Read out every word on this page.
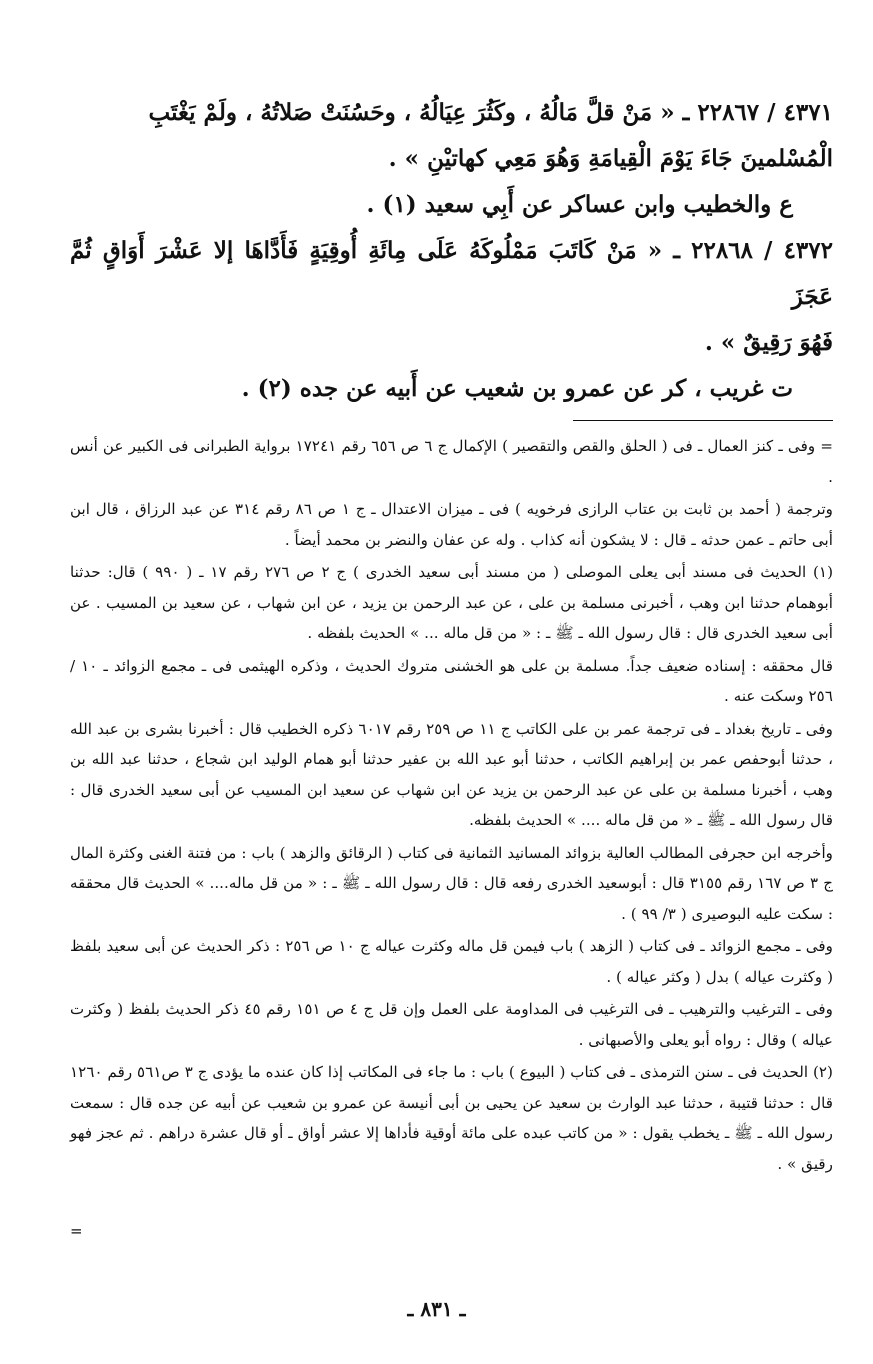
٤٣٧١ / ٢٢٨٦٧ ـ « مَنْ قلَّ مَالُهُ ، وكَثُرَ عِيَالُهُ ، وحَسُنَتْ صَلاتُهُ ، ولَمْ يَغْتَبِ

الْمُسْلمينَ جَاءَ يَوْمَ الْقِيامَةِ وَهُوَ مَعِي كهاتيْنِ » .

ع والخطيب وابن عساكر عن أَبِي سعيد (١) .

٤٣٧٢ / ٢٢٨٦٨ ـ « مَنْ كَاتَبَ مَمْلُوكَهُ عَلَى مِائَةِ أُوقِيَةٍ فَأَدَّاهَا إلا عَشْرَ أَوَاقٍ ثُمَّ عَجَزَ

فَهُوَ رَقِيقٌ » .

ت غريب ، كر عن عمرو بن شعيب عن أَبيه عن جده (٢) .

= وفى ـ كنز العمال ـ فى ( الحلق والقص والتقصير ) الإكمال ج ٦ ص ٦٥٦ رقم ١٧٢٤١ برواية الطبرانى فى الكبير عن أنس .

وترجمة ( أحمد بن ثابت بن عتاب الرازى فرخويه ) فى ـ ميزان الاعتدال ـ ج ١ ص ٨٦ رقم ٣١٤ عن عبد الرزاق ، قال ابن أبى حاتم ـ عمن حدثه ـ قال : لا يشكون أنه كذاب . وله عن عفان والنضر بن محمد أيضاً .

(١) الحديث فى مسند أبى يعلى الموصلى ( من مسند أبى سعيد الخدرى ) ج ٢ ص ٢٧٦ رقم ١٧ ـ ( ٩٩٠ ) قال: حدثنا أبوهمام حدثنا ابن وهب ، أخبرنى مسلمة بن على ، عن عبد الرحمن بن يزيد ، عن ابن شهاب ، عن سعيد بن المسيب . عن أبى سعيد الخدرى قال : قال رسول الله ـ ﷺ ـ : « من قل ماله ... » الحديث بلفظه .

قال محققه : إسناده ضعيف جداً. مسلمة بن على هو الخشنى متروك الحديث ، وذكره الهيثمى فى ـ مجمع الزوائد ـ ١٠ / ٢٥٦ وسكت عنه .

وفى ـ تاريخ بغداد ـ فى ترجمة عمر بن على الكاتب ج ١١ ص ٢٥٩ رقم ٦٠١٧ ذكره الخطيب قال : أخبرنا بشرى بن عبد الله ، حدثنا أبوحفص عمر بن إبراهيم الكاتب ، حدثنا أبو عبد الله بن عفير حدثنا أبو همام الوليد ابن شجاع ، حدثنا عبد الله بن وهب ، أخبرنا مسلمة بن على عن عبد الرحمن بن يزيد عن ابن شهاب عن سعيد ابن المسيب عن أبى سعيد الخدرى قال : قال رسول الله ـ ﷺ ـ « من قل ماله .... » الحديث بلفظه.

وأخرجه ابن حجرفى المطالب العالية بزوائد المسانيد الثمانية فى كتاب ( الرقائق والزهد ) باب : من فتنة الغنى وكثرة المال ج ٣ ص ١٦٧ رقم ٣١٥٥ قال : أبوسعيد الخدرى رفعه قال : قال رسول الله ـ ﷺ ـ : « من قل ماله.... » الحديث قال محققه : سكت عليه البوصيرى ( ٣/ ٩٩ ) .

وفى ـ مجمع الزوائد ـ فى كتاب ( الزهد ) باب فيمن قل ماله وكثرت عياله ج ١٠ ص ٢٥٦ : ذكر الحديث عن أبى سعيد بلفظ ( وكثرت عياله ) بدل ( وكثر عياله ) .

وفى ـ الترغيب والترهيب ـ فى الترغيب فى المداومة على العمل وإن قل ج ٤ ص ١٥١ رقم ٤٥ ذكر الحديث بلفظ ( وكثرت عياله ) وقال : رواه أبو يعلى والأصبهانى .

(٢) الحديث فى ـ سنن الترمذى ـ فى كتاب ( البيوع ) باب : ما جاء فى المكاتب إذا كان عنده ما يؤدى ج ٣ ص٥٦١ رقم ١٢٦٠ قال : حدثنا قتيبة ، حدثنا عبد الوارث بن سعيد عن يحيى بن أبى أنيسة عن عمرو بن شعيب عن أبيه عن جده قال : سمعت رسول الله ـ ﷺ ـ يخطب يقول : « من كاتب عبده على مائة أوقية فأداها إلا عشر أواق ـ أو قال عشرة دراهم . ثم عجز فهو رقيق » .

=
ـ ٨٣١ ـ
